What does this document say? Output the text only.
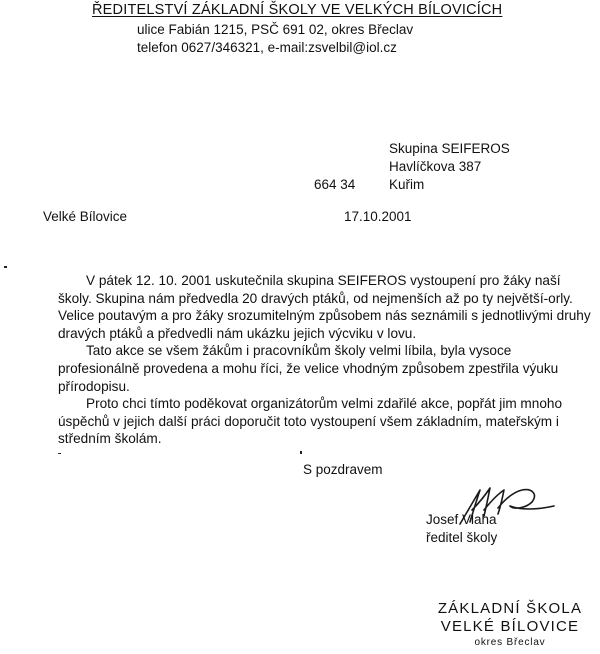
ŘEDITELSTVÍ ZÁKLADNÍ ŠKOLY VE VELKÝCH BÍLOVICÍCH
ulice Fabián 1215, PSČ 691 02, okres Břeclav
telefon 0627/346321, e-mail:zsvelbil@iol.cz
Skupina SEIFEROS
Havlíčkova 387
664 34 Kuřim
Velké Bílovice	17.10.2001

V pátek 12. 10. 2001 uskutečnila skupina SEIFEROS vystoupení pro žáky naší školy. Skupina nám předvedla 20 dravých ptáků, od nejmenších až po ty největší-orly. Velice poutavým a pro žáky srozumitelným způsobem nás seznámili s jednotlivými druhy dravých ptáků a předvedli nám ukázku jejich výcviku v lovu.

Tato akce se všem žákům i pracovníkům školy velmi líbila, byla vysoce profesionálně provedena a mohu říci, že velice vhodným způsobem zpestřila výuku přírodopisu.

Proto chci tímto poděkovat organizátorům velmi zdařilé akce, popřát jim mnoho úspěchů v jejich další práci doporučit toto vystoupení všem základním, mateřským i středním školám.

S pozdravem
Josef Vlaha
ředitel školy
ZÁKLADNÍ ŠKOLA
VELKÉ BÍLOVICE
okres Břeclav
